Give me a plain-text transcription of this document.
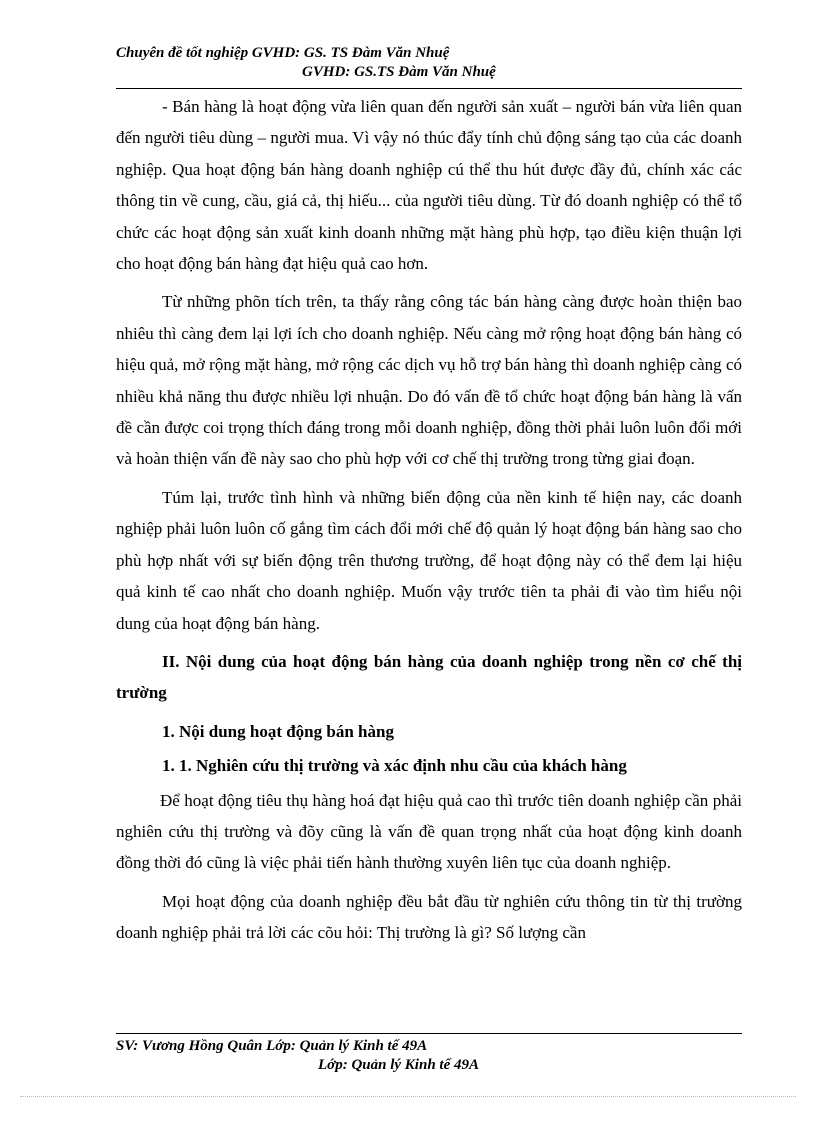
Chuyên đề tốt nghiệp GVHD: GS. TS Đàm Văn Nhuệ
GVHD: GS.TS Đàm Văn Nhuệ

- Bán hàng là hoạt động vừa liên quan đến người sản xuất – người bán vừa liên quan đến người tiêu dùng – người mua. Vì vậy nó thúc đẩy tính chủ động sáng tạo của các doanh nghiệp. Qua hoạt động bán hàng doanh nghiệp cú thể thu hút được đầy đủ, chính xác các thông tin về cung, cầu, giá cả, thị hiếu... của người tiêu dùng. Từ đó doanh nghiệp có thể tổ chức các hoạt động sản xuất kinh doanh những mặt hàng phù hợp, tạo điều kiện thuận lợi cho hoạt động bán hàng đạt hiệu quả cao hơn.

Từ những phõn tích trên, ta thấy rằng công tác bán hàng càng được hoàn thiện bao nhiêu thì càng đem lại lợi ích cho doanh nghiệp. Nếu càng mở rộng hoạt động bán hàng có hiệu quả, mở rộng mặt hàng, mở rộng các dịch vụ hỗ trợ bán hàng thì doanh nghiệp càng có nhiều khả năng thu được nhiều lợi nhuận. Do đó vấn đề tổ chức hoạt động bán hàng là vấn đề cần được coi trọng thích đáng trong mỗi doanh nghiệp, đồng thời phải luôn luôn đổi mới và hoàn thiện vấn đề này sao cho phù hợp với cơ chế thị trường trong từng giai đoạn.

Túm lại, trước tình hình và những biến động của nền kinh tế hiện nay, các doanh nghiệp phải luôn luôn cố gắng tìm cách đổi mới chế độ quản lý hoạt động bán hàng sao cho phù hợp nhất với sự biến động trên thương trường, để hoạt động này có thể đem lại hiệu quả kinh tế cao nhất cho doanh nghiệp. Muốn vậy trước tiên ta phải đi vào tìm hiểu nội dung của hoạt động bán hàng.

II. Nội dung của hoạt động bán hàng của doanh nghiệp trong nền cơ chế thị trường

1. Nội dung hoạt động bán hàng

1. 1. Nghiên cứu thị trường và xác định nhu cầu của khách hàng

Để hoạt động tiêu thụ hàng hoá đạt hiệu quả cao thì trước tiên doanh nghiệp cần phải nghiên cứu thị trường và đõy cũng là vấn đề quan trọng nhất của hoạt động kinh doanh đồng thời đó cũng là việc phải tiến hành thường xuyên liên tục của doanh nghiệp.

Mọi hoạt động của doanh nghiệp đều bắt đầu từ nghiên cứu thông tin từ thị trường doanh nghiệp phải trả lời các cõu hỏi: Thị trường là gì? Số lượng cần

SV: Vương Hồng Quân Lớp: Quản lý Kinh tế 49A
Lớp: Quản lý Kinh tế 49A
